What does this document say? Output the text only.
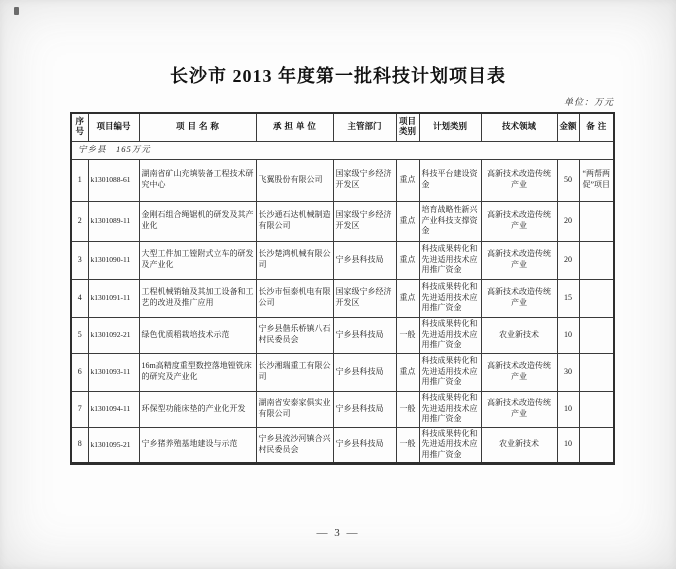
长沙市 2013 年度第一批科技计划项目表
单位：万元
序号	项目编号	项 目 名 称	承 担 单 位	主管部门	项目类别	计划类别	技术领域	金额	备 注
宁乡县　165万元									
1	k1301088-61	湖南省矿山充填装备工程技术研究中心	飞翼股份有限公司	国家级宁乡经济开发区	重点	科技平台建设资金	高新技术改造传统产业	50	“两帮两促”项目
2	k1301089-11	金刚石组合绳锯机的研发及其产业化	长沙通石达机械制造有限公司	国家级宁乡经济开发区	重点	培育战略性新兴产业科技支撑资金	高新技术改造传统产业	20	
3	k1301090-11	大型工件加工镗附式立车的研发及产业化	长沙楚鸿机械有限公司	宁乡县科技局	重点	科技成果转化和先进适用技术应用推广资金	高新技术改造传统产业	20	
4	k1301091-11	工程机械销轴及其加工设备和工艺的改进及推广应用	长沙市恒泰机电有限公司	国家级宁乡经济开发区	重点	科技成果转化和先进适用技术应用推广资金	高新技术改造传统产业	15	
5	k1301092-21	绿色优质稻栽培技术示范	宁乡县偕乐桥镇八石村民委员会	宁乡县科技局	一般	科技成果转化和先进适用技术应用推广资金	农业新技术	10	
6	k1301093-11	16m高精度重型数控落地镗铣床的研究及产业化	长沙湘瑞重工有限公司	宁乡县科技局	重点	科技成果转化和先进适用技术应用推广资金	高新技术改造传统产业	30	
7	k1301094-11	环保型功能床垫的产业化开发	湖南省安泰家俱实业有限公司	宁乡县科技局	一般	科技成果转化和先进适用技术应用推广资金	高新技术改造传统产业	10	
8	k1301095-21	宁乡猪养殖基地建设与示范	宁乡县流沙河镇合兴村民委员会	宁乡县科技局	一般	科技成果转化和先进适用技术应用推广资金	农业新技术	10	
— 3 —
